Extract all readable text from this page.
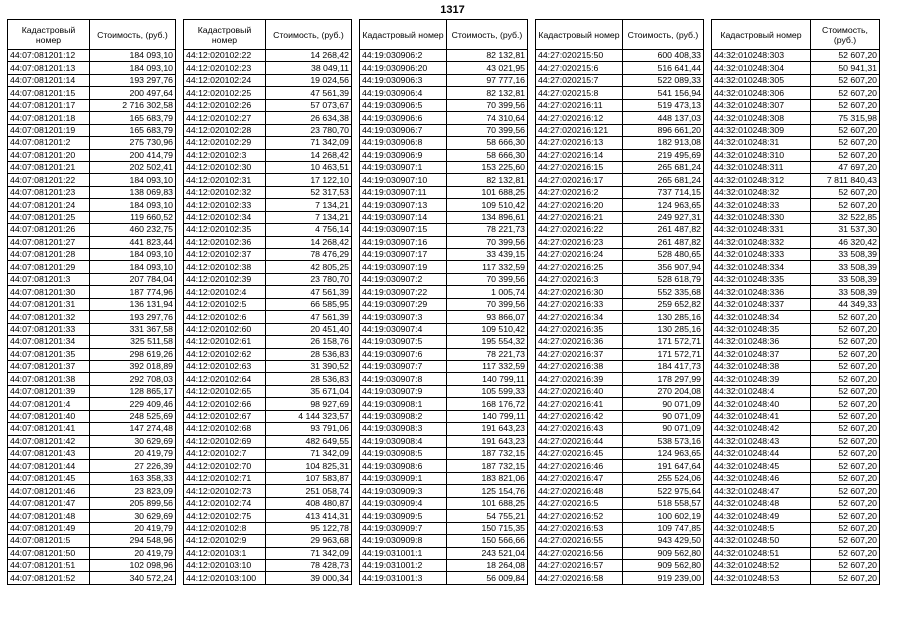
1317
Кадастровый номер	Стоимость, (руб.)
44:07:081201:12	184 093,10
44:07:081201:13	184 093,10
44:07:081201:14	193 297,76
44:07:081201:15	200 497,64
44:07:081201:17	2 716 302,58
44:07:081201:18	165 683,79
44:07:081201:19	165 683,79
44:07:081201:2	275 730,96
44:07:081201:20	200 414,79
44:07:081201:21	202 502,41
44:07:081201:22	184 093,10
44:07:081201:23	138 069,83
44:07:081201:24	184 093,10
44:07:081201:25	119 660,52
44:07:081201:26	460 232,75
44:07:081201:27	441 823,44
44:07:081201:28	184 093,10
44:07:081201:29	184 093,10
44:07:081201:3	207 784,04
44:07:081201:30	187 774,96
44:07:081201:31	136 131,94
44:07:081201:32	193 297,76
44:07:081201:33	331 367,58
44:07:081201:34	325 511,58
44:07:081201:35	298 619,26
44:07:081201:37	392 018,89
44:07:081201:38	292 708,03
44:07:081201:39	128 865,17
44:07:081201:4	229 409,46
44:07:081201:40	248 525,69
44:07:081201:41	147 274,48
44:07:081201:42	30 629,69
44:07:081201:43	20 419,79
44:07:081201:44	27 226,39
44:07:081201:45	163 358,33
44:07:081201:46	23 823,09
44:07:081201:47	205 899,56
44:07:081201:48	30 629,69
44:07:081201:49	20 419,79
44:07:081201:5	294 548,96
44:07:081201:50	20 419,79
44:07:081201:51	102 098,96
44:07:081201:52	340 572,24
Кадастровый номер	Стоимость, (руб.)
44:12:020102:22	14 268,42
44:12:020102:23	38 049,11
44:12:020102:24	19 024,56
44:12:020102:25	47 561,39
44:12:020102:26	57 073,67
44:12:020102:27	26 634,38
44:12:020102:28	23 780,70
44:12:020102:29	71 342,09
44:12:020102:3	14 268,42
44:12:020102:30	10 463,51
44:12:020102:31	17 122,10
44:12:020102:32	52 317,53
44:12:020102:33	7 134,21
44:12:020102:34	7 134,21
44:12:020102:35	4 756,14
44:12:020102:36	14 268,42
44:12:020102:37	78 476,29
44:12:020102:38	42 805,25
44:12:020102:39	23 780,70
44:12:020102:4	47 561,39
44:12:020102:5	66 585,95
44:12:020102:6	47 561,39
44:12:020102:60	20 451,40
44:12:020102:61	26 158,76
44:12:020102:62	28 536,83
44:12:020102:63	31 390,52
44:12:020102:64	28 536,83
44:12:020102:65	35 671,04
44:12:020102:66	98 927,69
44:12:020102:67	4 144 323,57
44:12:020102:68	93 791,06
44:12:020102:69	482 649,55
44:12:020102:7	71 342,09
44:12:020102:70	104 825,31
44:12:020102:71	107 583,87
44:12:020102:73	251 058,74
44:12:020102:74	408 480,87
44:12:020102:75	413 414,31
44:12:020102:8	95 122,78
44:12:020102:9	29 963,68
44:12:020103:1	71 342,09
44:12:020103:10	78 428,73
44:12:020103:100	39 000,34
Кадастровый номер	Стоимость, (руб.)
44:19:030906:2	82 132,81
44:19:030906:20	43 021,95
44:19:030906:3	97 777,16
44:19:030906:4	82 132,81
44:19:030906:5	70 399,56
44:19:030906:6	74 310,64
44:19:030906:7	70 399,56
44:19:030906:8	58 666,30
44:19:030906:9	58 666,30
44:19:030907:1	153 225,60
44:19:030907:10	82 132,81
44:19:030907:11	101 688,25
44:19:030907:13	109 510,42
44:19:030907:14	134 896,61
44:19:030907:15	78 221,73
44:19:030907:16	70 399,56
44:19:030907:17	33 439,15
44:19:030907:19	117 332,59
44:19:030907:2	70 399,56
44:19:030907:22	1 005,74
44:19:030907:29	70 399,56
44:19:030907:3	93 866,07
44:19:030907:4	109 510,42
44:19:030907:5	195 554,32
44:19:030907:6	78 221,73
44:19:030907:7	117 332,59
44:19:030907:8	140 799,11
44:19:030907:9	105 599,33
44:19:030908:1	168 176,72
44:19:030908:2	140 799,11
44:19:030908:3	191 643,23
44:19:030908:4	191 643,23
44:19:030908:5	187 732,15
44:19:030908:6	187 732,15
44:19:030909:1	183 821,06
44:19:030909:3	125 154,76
44:19:030909:4	101 688,25
44:19:030909:5	54 755,21
44:19:030909:7	150 715,35
44:19:030909:8	150 566,66
44:19:031001:1	243 521,04
44:19:031001:2	18 264,08
44:19:031001:3	56 009,84
Кадастровый номер	Стоимость, (руб.)
44:27:020215:50	600 408,33
44:27:020215:6	516 641,44
44:27:020215:7	522 089,33
44:27:020215:8	541 156,94
44:27:020216:11	519 473,13
44:27:020216:12	448 137,03
44:27:020216:121	896 661,20
44:27:020216:13	182 913,08
44:27:020216:14	219 495,69
44:27:020216:15	265 681,24
44:27:020216:17	265 681,24
44:27:020216:2	737 714,15
44:27:020216:20	124 963,65
44:27:020216:21	249 927,31
44:27:020216:22	261 487,82
44:27:020216:23	261 487,82
44:27:020216:24	528 480,65
44:27:020216:25	356 907,94
44:27:020216:3	528 618,79
44:27:020216:30	552 335,68
44:27:020216:33	259 652,82
44:27:020216:34	130 285,16
44:27:020216:35	130 285,16
44:27:020216:36	171 572,71
44:27:020216:37	171 572,71
44:27:020216:38	184 417,73
44:27:020216:39	178 297,99
44:27:020216:40	270 204,08
44:27:020216:41	90 071,09
44:27:020216:42	90 071,09
44:27:020216:43	90 071,09
44:27:020216:44	538 573,16
44:27:020216:45	124 963,65
44:27:020216:46	191 647,64
44:27:020216:47	255 524,06
44:27:020216:48	522 975,64
44:27:020216:5	518 558,57
44:27:020216:52	100 602,19
44:27:020216:53	109 747,85
44:27:020216:55	943 429,50
44:27:020216:56	909 562,80
44:27:020216:57	909 562,80
44:27:020216:58	919 239,00
Кадастровый номер	Стоимость, (руб.)
44:32:010248:303	52 607,20
44:32:010248:304	50 941,31
44:32:010248:305	52 607,20
44:32:010248:306	52 607,20
44:32:010248:307	52 607,20
44:32:010248:308	75 315,98
44:32:010248:309	52 607,20
44:32:010248:31	52 607,20
44:32:010248:310	52 607,20
44:32:010248:311	47 697,20
44:32:010248:312	7 811 840,43
44:32:010248:32	52 607,20
44:32:010248:33	52 607,20
44:32:010248:330	32 522,85
44:32:010248:331	31 537,30
44:32:010248:332	46 320,42
44:32:010248:333	33 508,39
44:32:010248:334	33 508,39
44:32:010248:335	33 508,39
44:32:010248:336	33 508,39
44:32:010248:337	44 349,33
44:32:010248:34	52 607,20
44:32:010248:35	52 607,20
44:32:010248:36	52 607,20
44:32:010248:37	52 607,20
44:32:010248:38	52 607,20
44:32:010248:39	52 607,20
44:32:010248:4	52 607,20
44:32:010248:40	52 607,20
44:32:010248:41	52 607,20
44:32:010248:42	52 607,20
44:32:010248:43	52 607,20
44:32:010248:44	52 607,20
44:32:010248:45	52 607,20
44:32:010248:46	52 607,20
44:32:010248:47	52 607,20
44:32:010248:48	52 607,20
44:32:010248:49	52 607,20
44:32:010248:5	52 607,20
44:32:010248:50	52 607,20
44:32:010248:51	52 607,20
44:32:010248:52	52 607,20
44:32:010248:53	52 607,20
